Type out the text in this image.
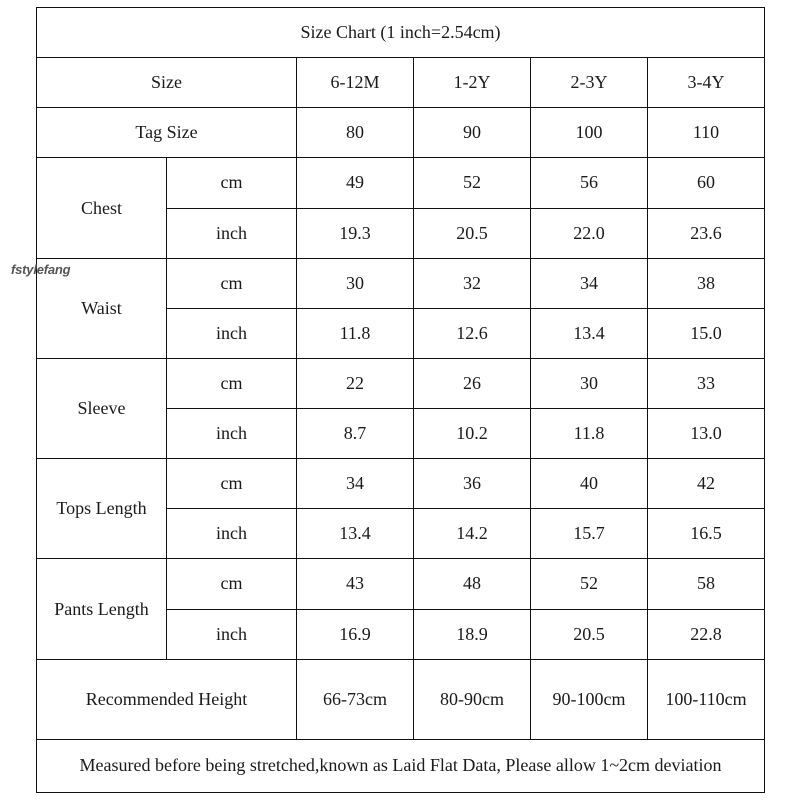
Size Chart (1 inch=2.54cm)					
Size		6-12M	1-2Y	2-3Y	3-4Y
Tag Size		80	90	100	110
Chest	cm	49	52	56	60
	inch	19.3	20.5	22.0	23.6
Waist	cm	30	32	34	38
	inch	11.8	12.6	13.4	15.0
Sleeve	cm	22	26	30	33
	inch	8.7	10.2	11.8	13.0
Tops Length	cm	34	36	40	42
	inch	13.4	14.2	15.7	16.5
Pants Length	cm	43	48	52	58
	inch	16.9	18.9	20.5	22.8
Recommended Height		66-73cm	80-90cm	90-100cm	100-110cm
Measured before being stretched,known as Laid Flat Data, Please allow 1~2cm deviation					
fstylefang
